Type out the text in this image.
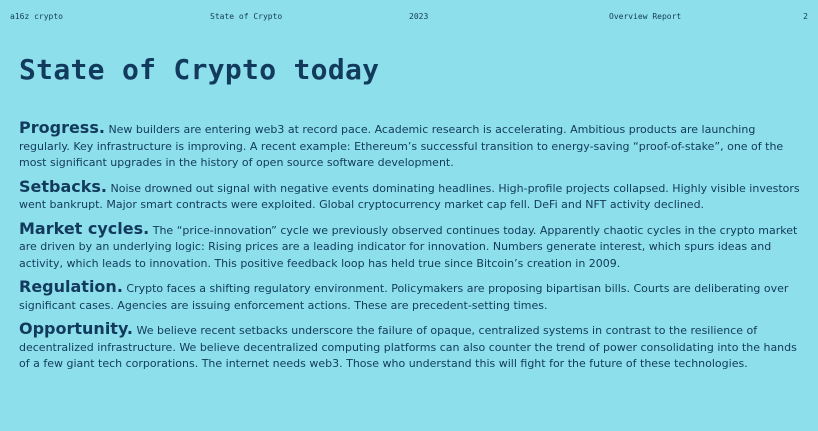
a16z crypto	State of Crypto	2023	Overview Report	2
State of Crypto today

Progress. New builders are entering web3 at record pace. Academic research is accelerating. Ambitious products are launching regularly. Key infrastructure is improving. A recent example: Ethereum’s successful transition to energy-saving “proof-of-stake”, one of the most significant upgrades in the history of open source software development.

Setbacks. Noise drowned out signal with negative events dominating headlines. High-profile projects collapsed. Highly visible investors went bankrupt. Major smart contracts were exploited. Global cryptocurrency market cap fell. DeFi and NFT activity declined.

Market cycles. The “price-innovation” cycle we previously observed continues today. Apparently chaotic cycles in the crypto market are driven by an underlying logic: Rising prices are a leading indicator for innovation. Numbers generate interest, which spurs ideas and activity, which leads to innovation. This positive feedback loop has held true since Bitcoin’s creation in 2009.

Regulation. Crypto faces a shifting regulatory environment. Policymakers are proposing bipartisan bills. Courts are deliberating over significant cases. Agencies are issuing enforcement actions. These are precedent-setting times.

Opportunity. We believe recent setbacks underscore the failure of opaque, centralized systems in contrast to the resilience of decentralized infrastructure. We believe decentralized computing platforms can also counter the trend of power consolidating into the hands of a few giant tech corporations. The internet needs web3. Those who understand this will fight for the future of these technologies.
